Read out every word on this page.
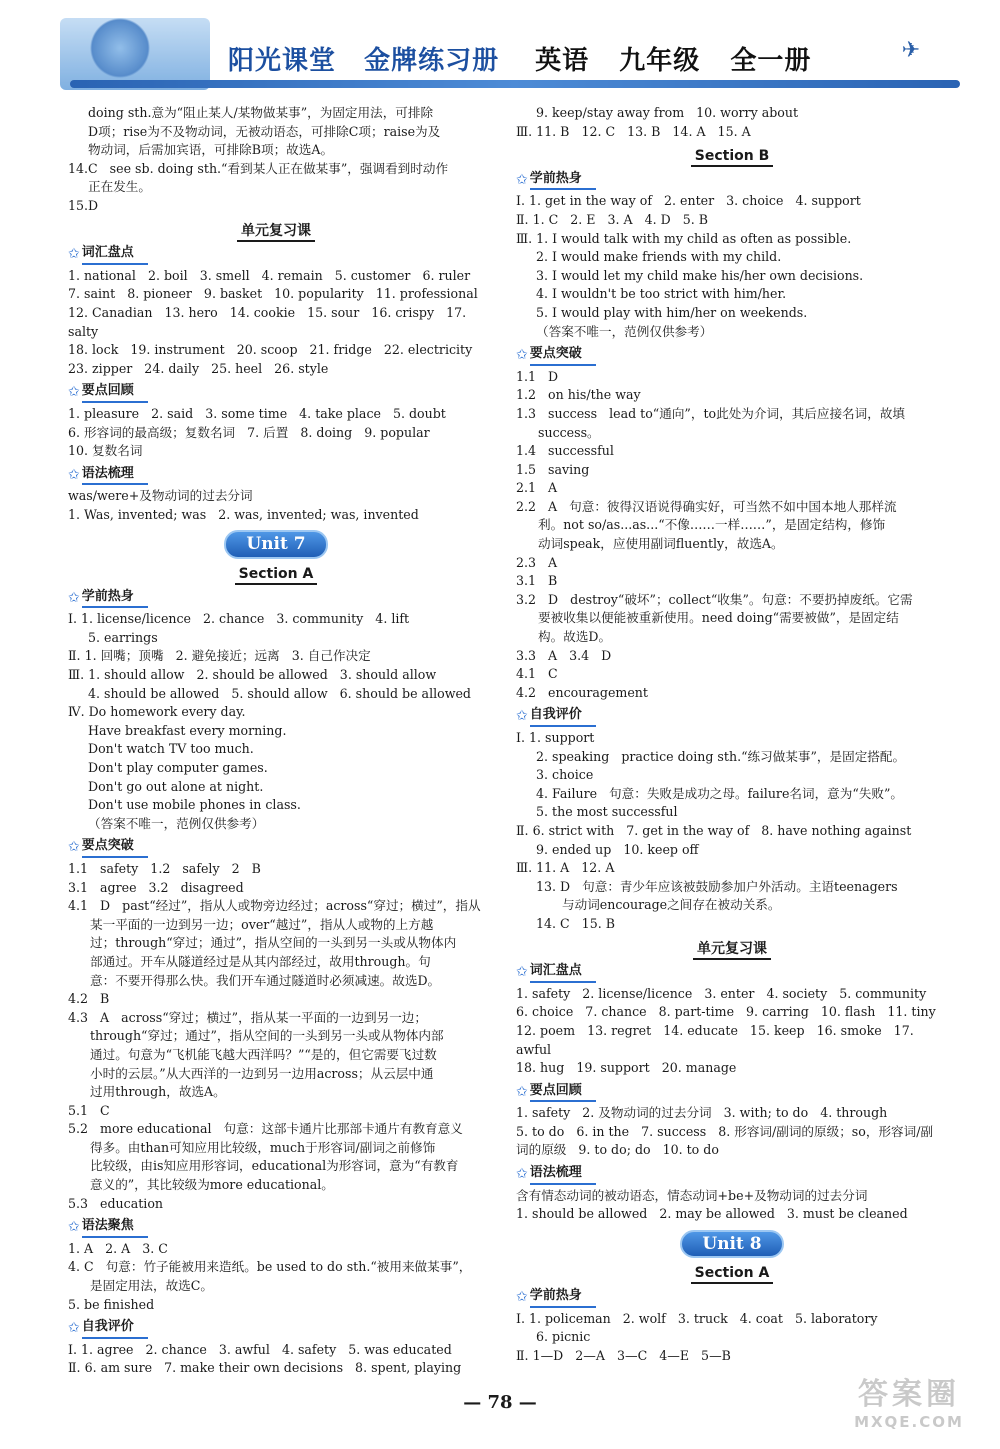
✈
阳光课堂 金牌练习册 英语 九年级 全一册
doing sth.意为“阻止某人/某物做某事”，为固定用法，可排除
D项；rise为不及物动词，无被动语态，可排除C项；raise为及
物动词，后需加宾语，可排除B项；故选A。
14.C   see sb. doing sth.“看到某人正在做某事”，强调看到时动作
正在发生。
15.D
单元复习课
✩ 词汇盘点
1. national   2. boil   3. smell   4. remain   5. customer   6. ruler
7. saint   8. pioneer   9. basket   10. popularity   11. professional
12. Canadian   13. hero   14. cookie   15. sour   16. crispy   17. salty
18. lock   19. instrument   20. scoop   21. fridge   22. electricity
23. zipper   24. daily   25. heel   26. style
✩ 要点回顾
1. pleasure   2. said   3. some time   4. take place   5. doubt
6. 形容词的最高级；复数名词   7. 后置   8. doing   9. popular
10. 复数名词
✩ 语法梳理
was/were+及物动词的过去分词
1. Was, invented; was   2. was, invented; was, invented
Unit 7
Section A
✩ 学前热身
Ⅰ. 1. license/licence   2. chance   3. community   4. lift
5. earrings
Ⅱ. 1. 回嘴；顶嘴   2. 避免接近；远离   3. 自己作决定
Ⅲ. 1. should allow   2. should be allowed   3. should allow
4. should be allowed   5. should allow   6. should be allowed
Ⅳ. Do homework every day.
Have breakfast every morning.
Don't watch TV too much.
Don't play computer games.
Don't go out alone at night.
Don't use mobile phones in class.
（答案不唯一，范例仅供参考）
✩ 要点突破
1.1   safety   1.2   safely   2   B
3.1   agree   3.2   disagreed
4.1   D   past“经过”，指从人或物旁边经过；across“穿过；横过”，指从
某一平面的一边到另一边；over“越过”，指从人或物的上方越
过；through“穿过；通过”，指从空间的一头到另一头或从物体内
部通过。开车从隧道经过是从其内部经过，故用through。句
意：不要开得那么快。我们开车通过隧道时必须减速。故选D。
4.2   B
4.3   A   across“穿过；横过”，指从某一平面的一边到另一边；
through“穿过；通过”，指从空间的一头到另一头或从物体内部
通过。句意为“飞机能飞越大西洋吗？”“是的，但它需要飞过数
小时的云层。”从大西洋的一边到另一边用across；从云层中通
过用through，故选A。
5.1   C
5.2   more educational   句意：这部卡通片比那部卡通片有教育意义
得多。由than可知应用比较级，much于形容词/副词之前修饰
比较级，由is知应用形容词，educational为形容词，意为“有教育
意义的”，其比较级为more educational。
5.3   education
✩ 语法聚焦
1. A   2. A   3. C
4. C   句意：竹子能被用来造纸。be used to do sth.“被用来做某事”，
是固定用法，故选C。
5. be finished
✩ 自我评价
Ⅰ. 1. agree   2. chance   3. awful   4. safety   5. was educated
Ⅱ. 6. am sure   7. make their own decisions   8. spent, playing
9. keep/stay away from   10. worry about
Ⅲ. 11. B   12. C   13. B   14. A   15. A
Section B
✩ 学前热身
Ⅰ. 1. get in the way of   2. enter   3. choice   4. support
Ⅱ. 1. C   2. E   3. A   4. D   5. B
Ⅲ. 1. I would talk with my child as often as possible.
2. I would make friends with my child.
3. I would let my child make his/her own decisions.
4. I wouldn't be too strict with him/her.
5. I would play with him/her on weekends.
（答案不唯一，范例仅供参考）
✩ 要点突破
1.1   D
1.2   on his/the way
1.3   success   lead to“通向”，to此处为介词，其后应接名词，故填
success。
1.4   successful
1.5   saving
2.1   A
2.2   A   句意：彼得汉语说得确实好，可当然不如中国本地人那样流
利。not so/as...as...“不像……一样……”，是固定结构，修饰
动词speak，应使用副词fluently，故选A。
2.3   A
3.1   B
3.2   D   destroy“破坏”；collect“收集”。句意：不要扔掉废纸。它需
要被收集以便能被重新使用。need doing“需要被做”，是固定结
构。故选D。
3.3   A   3.4   D
4.1   C
4.2   encouragement
✩ 自我评价
Ⅰ. 1. support
2. speaking   practice doing sth.“练习做某事”，是固定搭配。
3. choice
4. Failure   句意：失败是成功之母。failure名词，意为“失败”。
5. the most successful
Ⅱ. 6. strict with   7. get in the way of   8. have nothing against
9. ended up   10. keep off
Ⅲ. 11. A   12. A
13. D   句意：青少年应该被鼓励参加户外活动。主语teenagers
与动词encourage之间存在被动关系。
14. C   15. B
单元复习课
✩ 词汇盘点
1. safety   2. license/licence   3. enter   4. society   5. community
6. choice   7. chance   8. part-time   9. carring   10. flash   11. tiny
12. poem   13. regret   14. educate   15. keep   16. smoke   17. awful
18. hug   19. support   20. manage
✩ 要点回顾
1. safety   2. 及物动词的过去分词   3. with; to do   4. through
5. to do   6. in the   7. success   8. 形容词/副词的原级；so，形容词/副
词的原级   9. to do; do   10. to do
✩ 语法梳理
含有情态动词的被动语态，情态动词+be+及物动词的过去分词
1. should be allowed   2. may be allowed   3. must be cleaned
Unit 8
Section A
✩ 学前热身
Ⅰ. 1. policeman   2. wolf   3. truck   4. coat   5. laboratory
6. picnic
Ⅱ. 1—D   2—A   3—C   4—E   5—B
— 78 —	答案圈
MXQE.COM
